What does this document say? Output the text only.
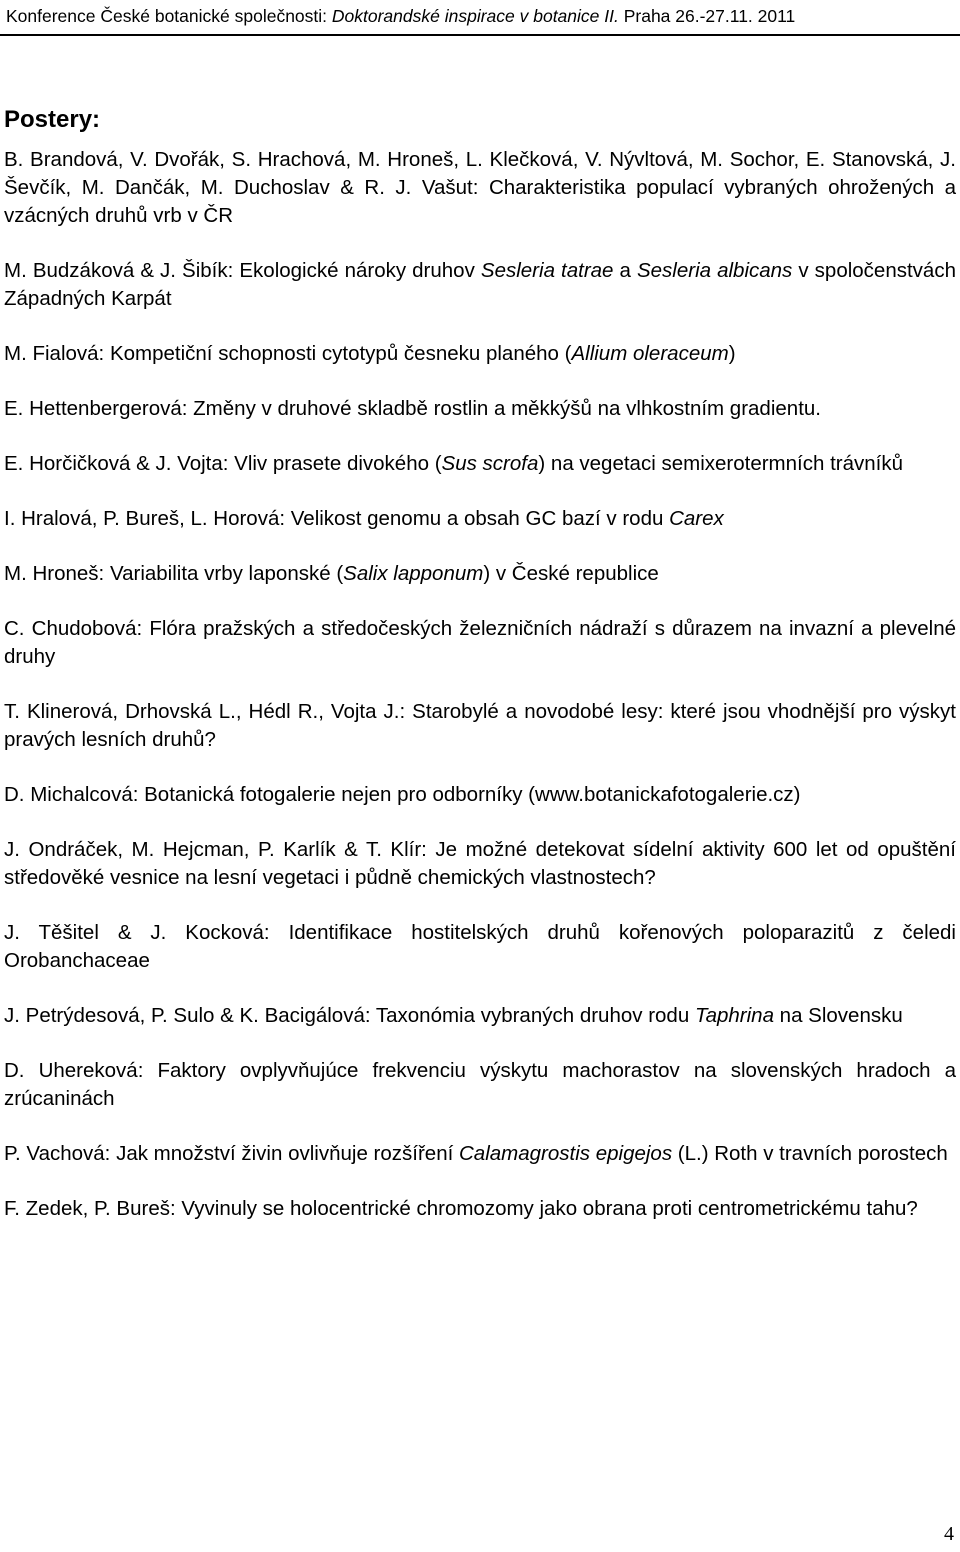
Konference České botanické společnosti: Doktorandské inspirace v botanice II. Praha 26.-27.11. 2011
Postery:
B. Brandová, V. Dvořák, S. Hrachová, M. Hroneš, L. Klečková, V. Nývltová, M. Sochor, E. Stanovská, J. Ševčík, M. Dančák, M. Duchoslav & R. J. Vašut: Charakteristika populací vybraných ohrožených a vzácných druhů vrb v ČR
M. Budzáková & J. Šibík: Ekologické nároky druhov Sesleria tatrae a Sesleria albicans v spoločenstvách Západných Karpát
M. Fialová: Kompetiční schopnosti cytotypů česneku planého (Allium oleraceum)
E. Hettenbergerová: Změny v druhové skladbě rostlin a měkkýšů na vlhkostním gradientu.
E. Horčičková & J. Vojta: Vliv prasete divokého (Sus scrofa) na vegetaci semixerotermních trávníků
I. Hralová, P. Bureš, L. Horová: Velikost genomu a obsah GC bazí v rodu Carex
M. Hroneš: Variabilita vrby laponské (Salix lapponum) v České republice
C. Chudobová: Flóra pražských a středočeských železničních nádraží s důrazem na invazní a plevelné druhy
T. Klinerová, Drhovská L., Hédl R., Vojta J.: Starobylé a novodobé lesy: které jsou vhodnější pro výskyt pravých lesních druhů?
D. Michalcová: Botanická fotogalerie nejen pro odborníky (www.botanickafotogalerie.cz)
J. Ondráček, M. Hejcman, P. Karlík & T. Klír: Je možné detekovat sídelní aktivity 600 let od opuštění středověké vesnice na lesní vegetaci i půdně chemických vlastnostech?
J. Těšitel & J. Kocková: Identifikace hostitelských druhů kořenových poloparazitů z čeledi Orobanchaceae
J. Petrýdesová, P. Sulo & K. Bacigálová: Taxonómia vybraných druhov rodu Taphrina na Slovensku
D. Uhereková: Faktory ovplyvňujúce frekvenciu výskytu machorastov na slovenských hradoch a zrúcaninách
P. Vachová: Jak množství živin ovlivňuje rozšíření Calamagrostis epigejos (L.) Roth v travních porostech
F. Zedek, P. Bureš: Vyvinuly se holocentrické chromozomy jako obrana proti centrometrickému tahu?
4
